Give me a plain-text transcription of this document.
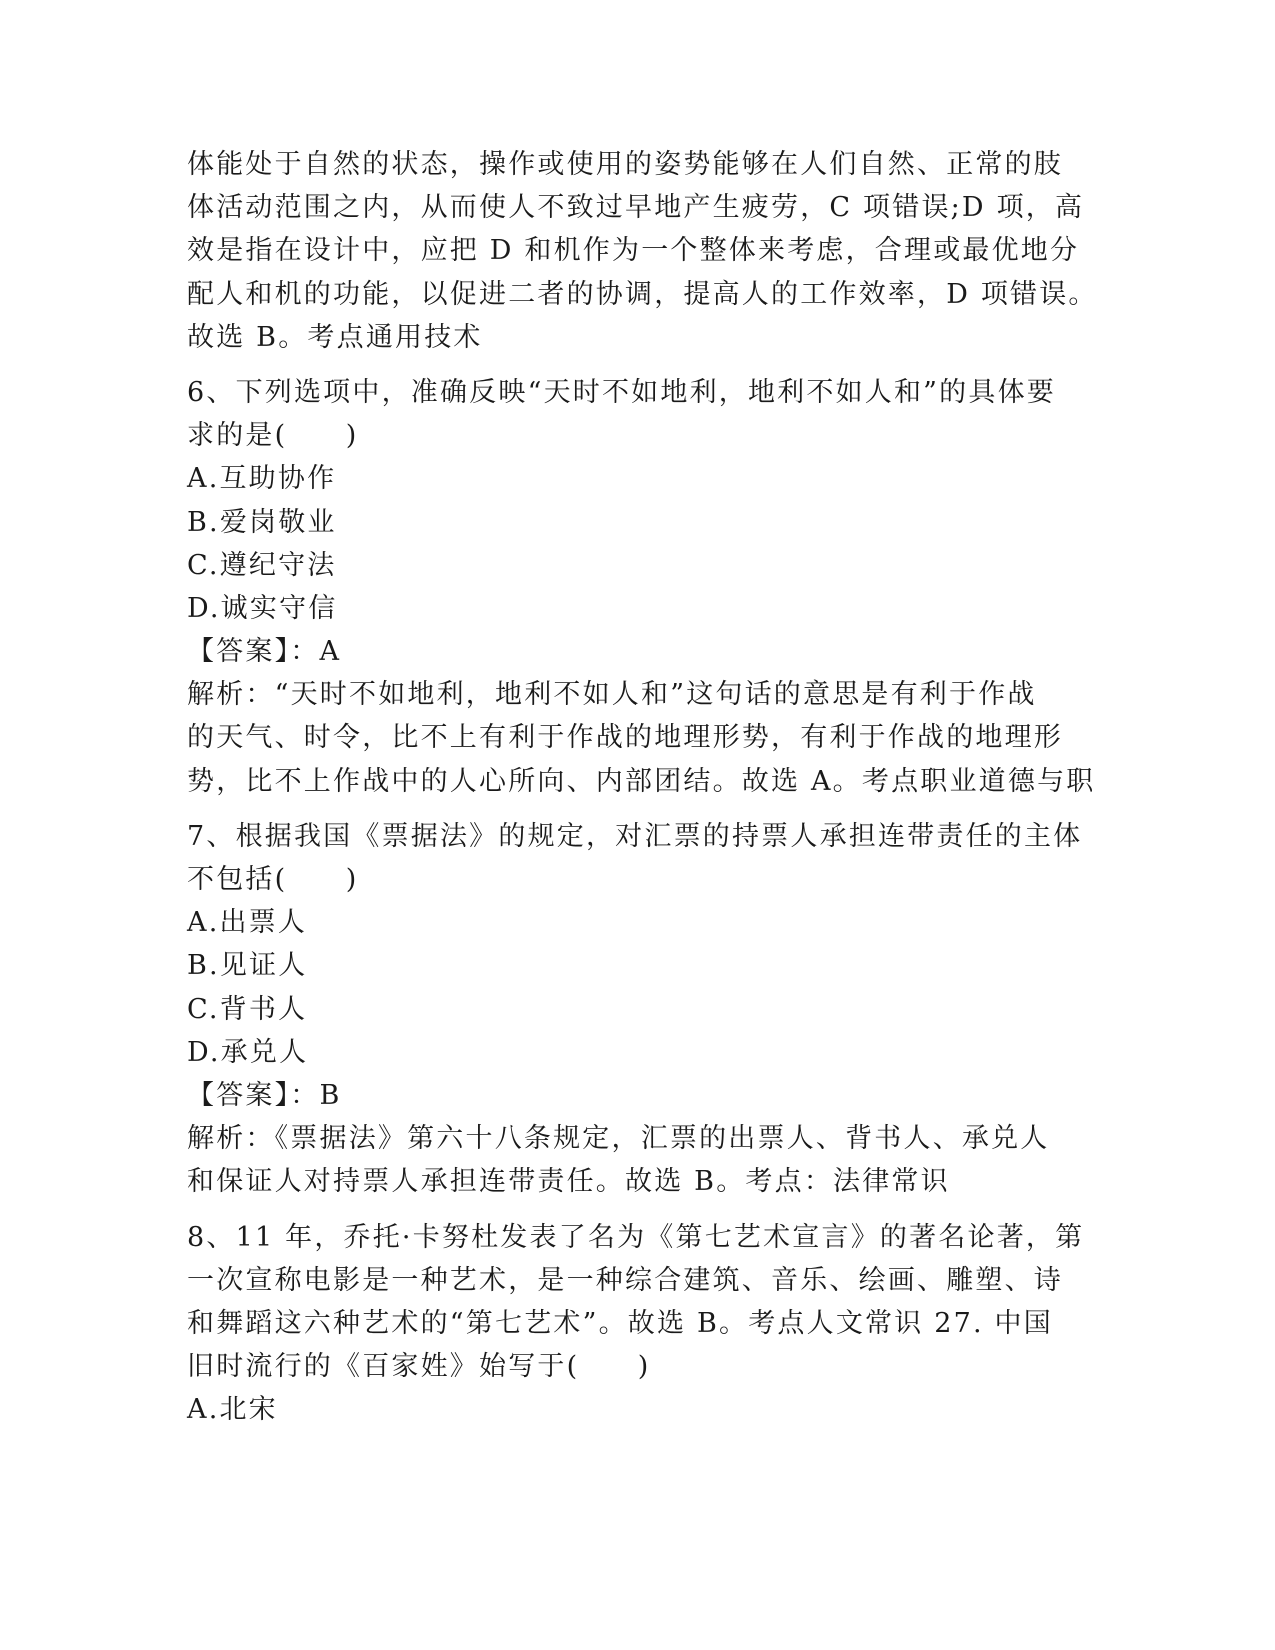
体能处于自然的状态，操作或使用的姿势能够在人们自然、正常的肢
体活动范围之内，从而使人不致过早地产生疲劳，C 项错误;D 项，高
效是指在设计中，应把 D 和机作为一个整体来考虑，合理或最优地分
配人和机的功能，以促进二者的协调，提高人的工作效率，D 项错误。
故选 B。考点通用技术
6、下列选项中，准确反映“天时不如地利，地利不如人和”的具体要
求的是(　　)
A.互助协作
B.爱岗敬业
C.遵纪守法
D.诚实守信
【答案】：A
解析：“天时不如地利，地利不如人和”这句话的意思是有利于作战
的天气、时令，比不上有利于作战的地理形势，有利于作战的地理形
势，比不上作战中的人心所向、内部团结。故选 A。考点职业道德与职
7、根据我国《票据法》的规定，对汇票的持票人承担连带责任的主体
不包括(　　)
A.出票人
B.见证人
C.背书人
D.承兑人
【答案】：B
解析：《票据法》第六十八条规定，汇票的出票人、背书人、承兑人
和保证人对持票人承担连带责任。故选 B。考点：法律常识
8、11 年，乔托·卡努杜发表了名为《第七艺术宣言》的著名论著，第
一次宣称电影是一种艺术，是一种综合建筑、音乐、绘画、雕塑、诗
和舞蹈这六种艺术的“第七艺术”。故选 B。考点人文常识 27. 中国
旧时流行的《百家姓》始写于(　　)
A.北宋
